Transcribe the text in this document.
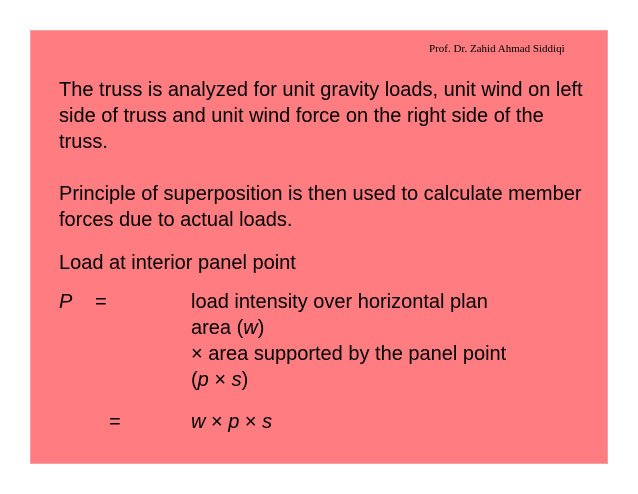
Prof. Dr. Zahid Ahmad Siddiqi
The truss is analyzed for unit gravity loads, unit wind on left side of truss and unit wind force on the right side of the truss.
Principle of superposition is then used to calculate member forces due to actual loads.
Load at interior panel point
P =	load intensity over horizontal plan
area (w)
× area supported by the panel point
(p × s)
=	w × p × s
